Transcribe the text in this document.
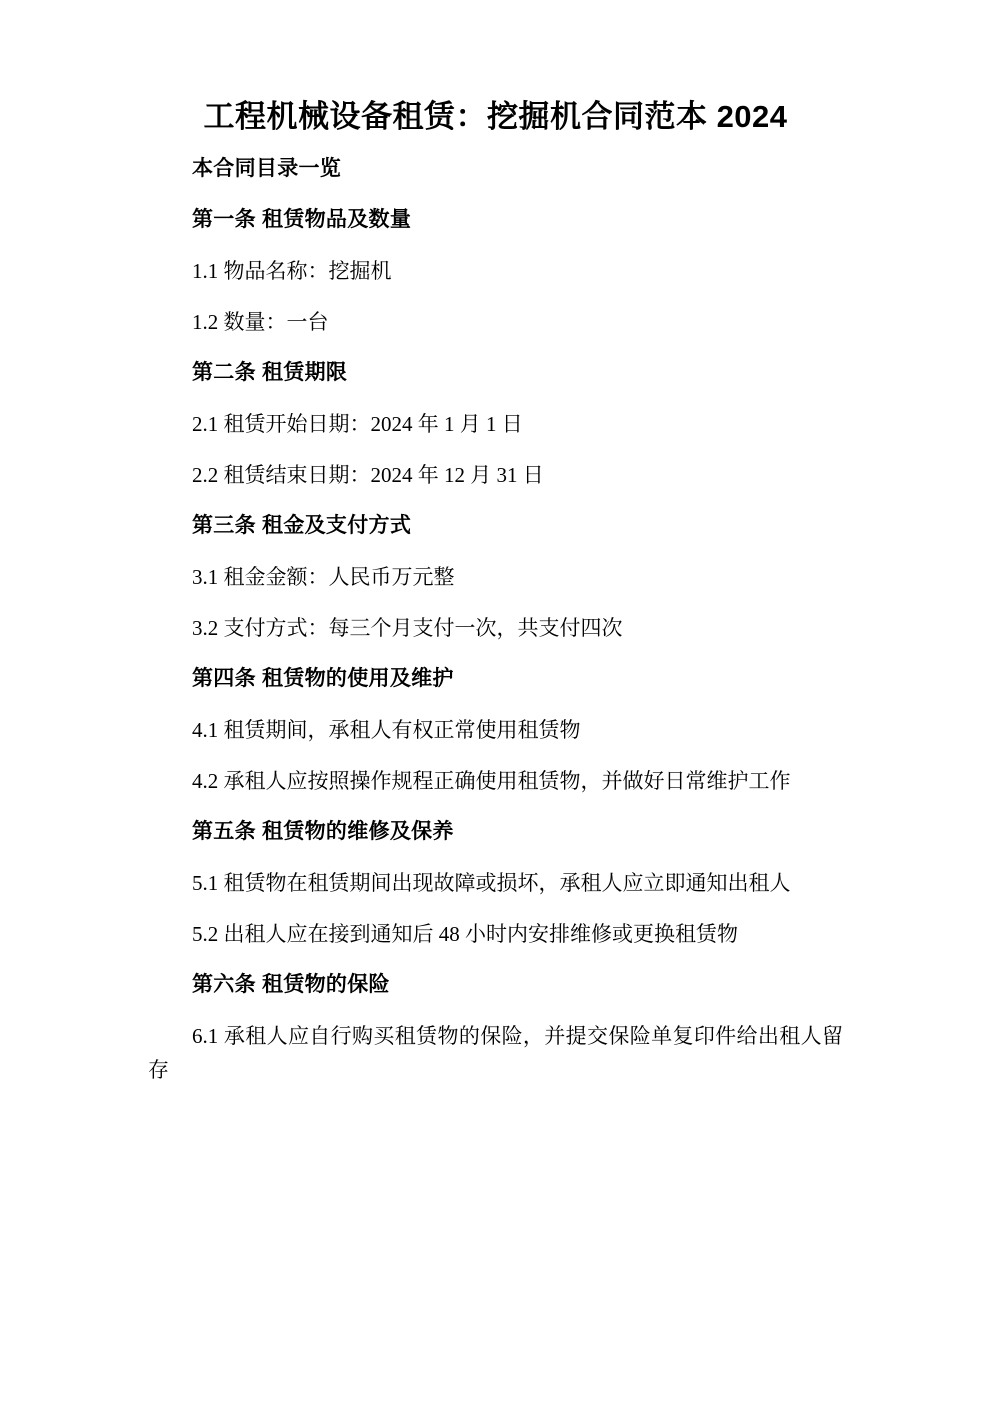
工程机械设备租赁：挖掘机合同范本 2024

本合同目录一览

第一条 租赁物品及数量

1.1 物品名称：挖掘机

1.2 数量：一台

第二条 租赁期限

2.1 租赁开始日期：2024 年 1 月 1 日

2.2 租赁结束日期：2024 年 12 月 31 日

第三条 租金及支付方式

3.1 租金金额：人民币万元整

3.2 支付方式：每三个月支付一次，共支付四次

第四条 租赁物的使用及维护

4.1 租赁期间，承租人有权正常使用租赁物

4.2 承租人应按照操作规程正确使用租赁物，并做好日常维护工作

第五条 租赁物的维修及保养

5.1 租赁物在租赁期间出现故障或损坏，承租人应立即通知出租人

5.2 出租人应在接到通知后 48 小时内安排维修或更换租赁物

第六条 租赁物的保险

6.1 承租人应自行购买租赁物的保险，并提交保险单复印件给出租人留存
